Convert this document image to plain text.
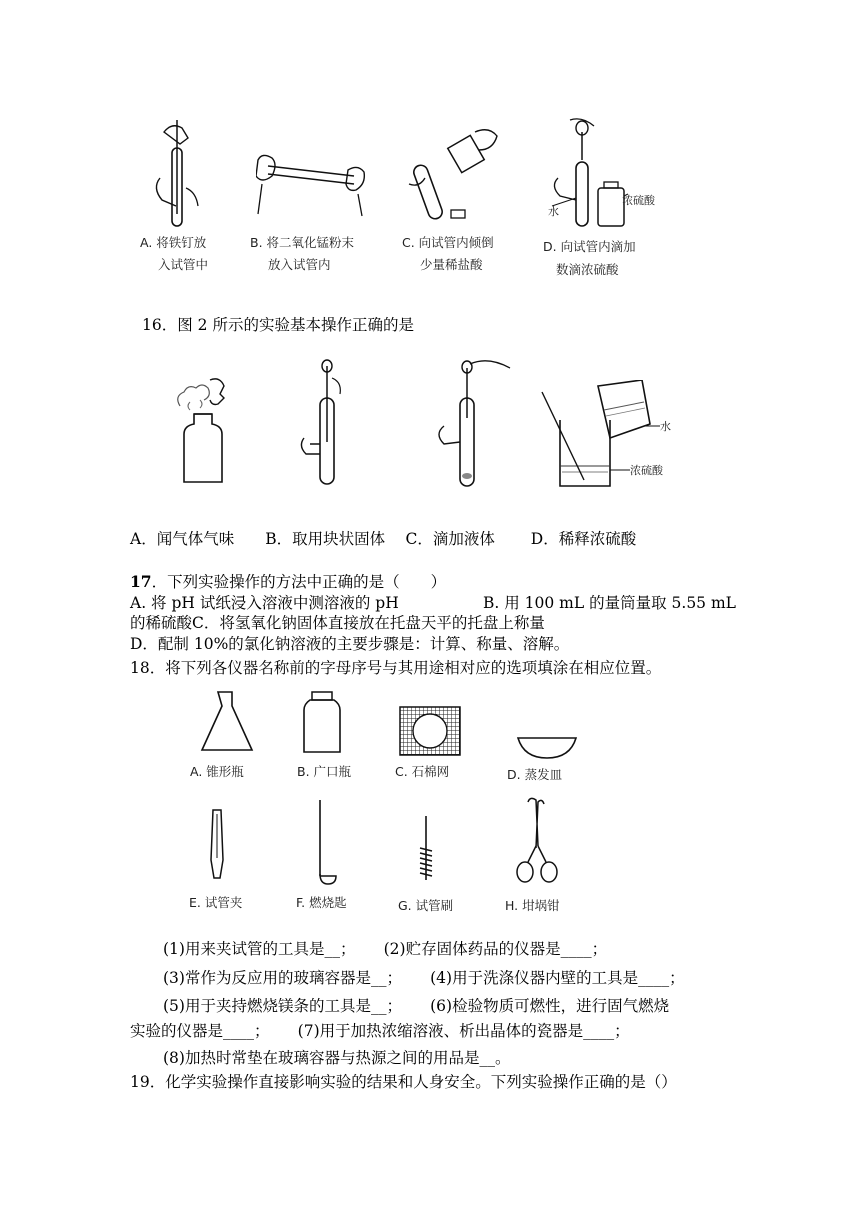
水
浓硫酸
A. 将铁钉放
入试管中
B. 将二氧化锰粉末
放入试管内
C. 向试管内倾倒
少量稀盐酸
D. 向试管内滴加
数滴浓硫酸
16．图 2 所示的实验基本操作正确的是
水
浓硫酸
A．闻气体气味　　B．取用块状固体　 C．滴加液体　　 D．稀释浓硫酸
17．下列实验操作的方法中正确的是（　　）
A. 将 pH 试纸浸入溶液中测溶液的 pH	B. 用 100 mL 的量筒量取 5.55 mL
的稀硫酸C．将氢氧化钠固体直接放在托盘天平的托盘上称量
D．配制 10%的氯化钠溶液的主要步骤是：计算、称量、溶解。
18．将下列各仪器名称前的字母序号与其用途相对应的选项填涂在相应位置。
A. 锥形瓶	B. 广口瓶	C. 石棉网	D. 蒸发皿
E. 试管夹	F. 燃烧匙	G. 试管刷	H. 坩埚钳
(1)用来夹试管的工具是__；　　 (2)贮存固体药品的仪器是____；
(3)常作为反应用的玻璃容器是__；　　 (4)用于洗涤仪器内壁的工具是____；
(5)用于夹持燃烧镁条的工具是__；　　 (6)检验物质可燃性，进行固气燃烧
实验的仪器是____；　　 (7)用于加热浓缩溶液、析出晶体的瓷器是____；
(8)加热时常垫在玻璃容器与热源之间的用品是__。
19．化学实验操作直接影响实验的结果和人身安全。下列实验操作正确的是（）
